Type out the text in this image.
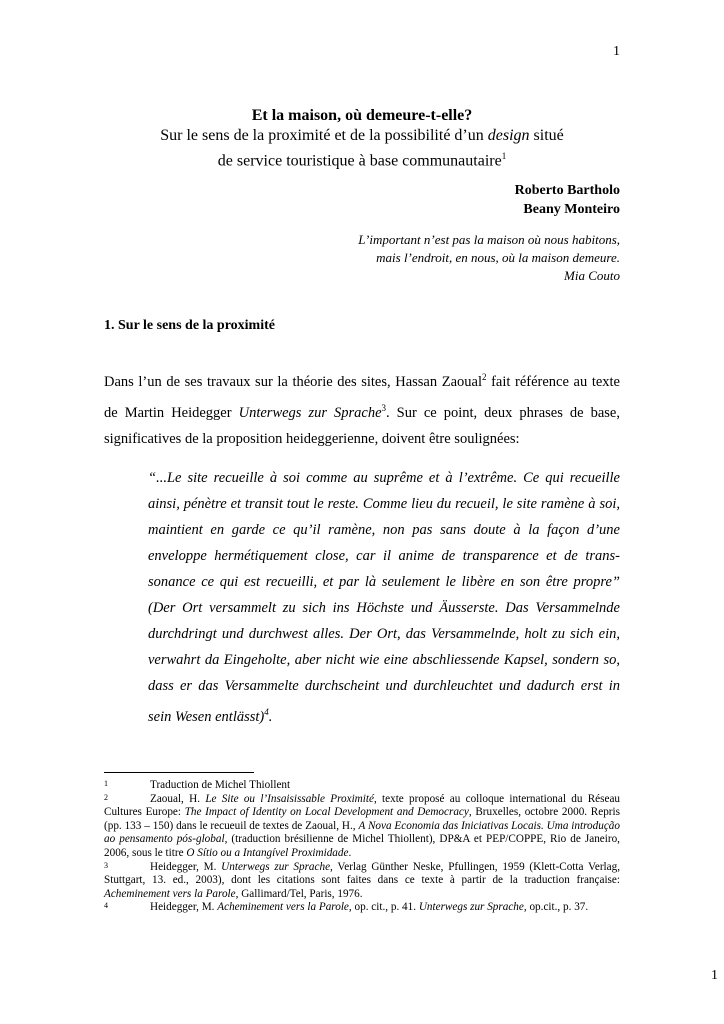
1
Et la maison, où demeure-t-elle?
Sur le sens de la proximité et de la possibilité d’un design situé
de service touristique à base communautaire$^1$
Roberto Bartholo
Beany Monteiro
L’important n’est pas la maison où nous habitons,
mais l’endroit, en nous, où la maison demeure.
Mia Couto
1. Sur le sens de la proximité
Dans l’un de ses travaux sur la théorie des sites, Hassan Zaoual$^2$ fait référence au texte de Martin Heidegger Unterwegs zur Sprache$^3$. Sur ce point, deux phrases de base, significatives de la proposition heideggerienne, doivent être soulignées:
“...Le site recueille à soi comme au suprême et à l’extrême. Ce qui recueille ainsi, pénètre et transit tout le reste. Comme lieu du recueil, le site ramène à soi, maintient en garde ce qu’il ramène, non pas sans doute à la façon d’une enveloppe hermétiquement close, car il anime de transparence et de trans-sonance ce qui est recueilli, et par là seulement le libère en son être propre” (Der Ort versammelt zu sich ins Höchste und Äusserste. Das Versammelnde durchdringt und durchwest alles. Der Ort, das Versammelnde, holt zu sich ein, verwahrt da Eingeholte, aber nicht wie eine abschliessende Kapsel, sondern so, dass er das Versammelte durchscheint und durchleuchtet und dadurch erst in sein Wesen entlässt)$^4$.

$^1$	Traduction de Michel Thiollent

$^2$	Zaoual, H. Le Site ou l’Insaisissable Proximité, texte proposé au colloque international du Réseau Cultures Europe: The Impact of Identity on Local Development and Democracy, Bruxelles, octobre 2000. Repris (pp. 133 – 150) dans le recueuil de textes de Zaoual, H., A Nova Economia das Iniciativas Locais. Uma introdução ao pensamento pós-global, (traduction brésilienne de Michel Thiollent), DP&A et PEP/COPPE, Rio de Janeiro, 2006, sous le titre O Sítio ou a Intangível Proximidade.

$^3$	Heidegger, M. Unterwegs zur Sprache, Verlag Günther Neske, Pfullingen, 1959 (Klett-Cotta Verlag, Stuttgart, 13. ed., 2003), dont les citations sont faites dans ce texte à partir de la traduction française: Acheminement vers la Parole, Gallimard/Tel, Paris, 1976.

$^4$	Heidegger, M. Acheminement vers la Parole, op. cit., p. 41. Unterwegs zur Sprache, op.cit., p. 37.

1
